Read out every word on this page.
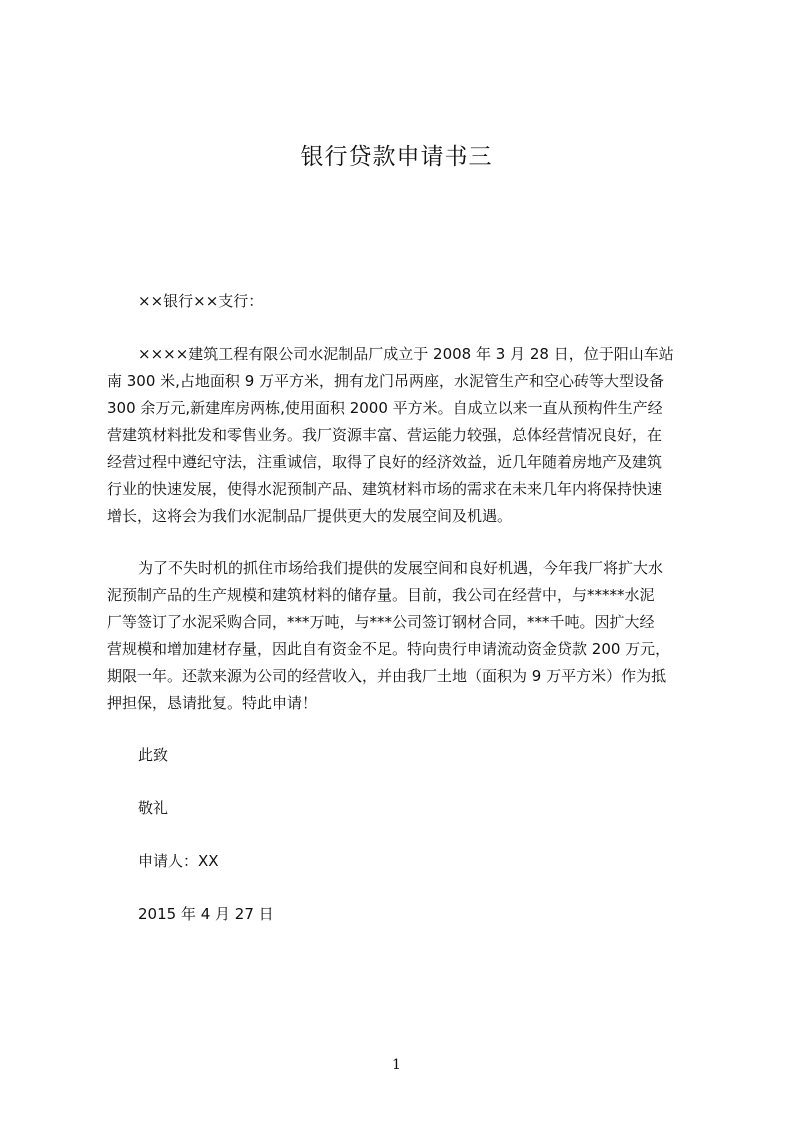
银行贷款申请书三
××银行××支行：
××××建筑工程有限公司水泥制品厂成立于 2008 年 3 月 28 日，位于阳山车站
南 300 米,占地面积 9 万平方米，拥有龙门吊两座，水泥管生产和空心砖等大型设备
300 余万元,新建库房两栋,使用面积 2000 平方米。自成立以来一直从预构件生产经
营建筑材料批发和零售业务。我厂资源丰富、营运能力较强，总体经营情况良好，在
经营过程中遵纪守法，注重诚信，取得了良好的经济效益，近几年随着房地产及建筑
行业的快速发展，使得水泥预制产品、建筑材料市场的需求在未来几年内将保持快速
增长，这将会为我们水泥制品厂提供更大的发展空间及机遇。
为了不失时机的抓住市场给我们提供的发展空间和良好机遇，今年我厂将扩大水
泥预制产品的生产规模和建筑材料的储存量。目前，我公司在经营中，与*****水泥
厂等签订了水泥采购合同，***万吨，与***公司签订钢材合同，***千吨。因扩大经
营规模和增加建材存量，因此自有资金不足。特向贵行申请流动资金贷款 200 万元，
期限一年。还款来源为公司的经营收入，并由我厂土地（面积为 9 万平方米）作为抵
押担保，恳请批复。特此申请！
此致
敬礼
申请人：XX
2015 年 4 月 27 日
1
